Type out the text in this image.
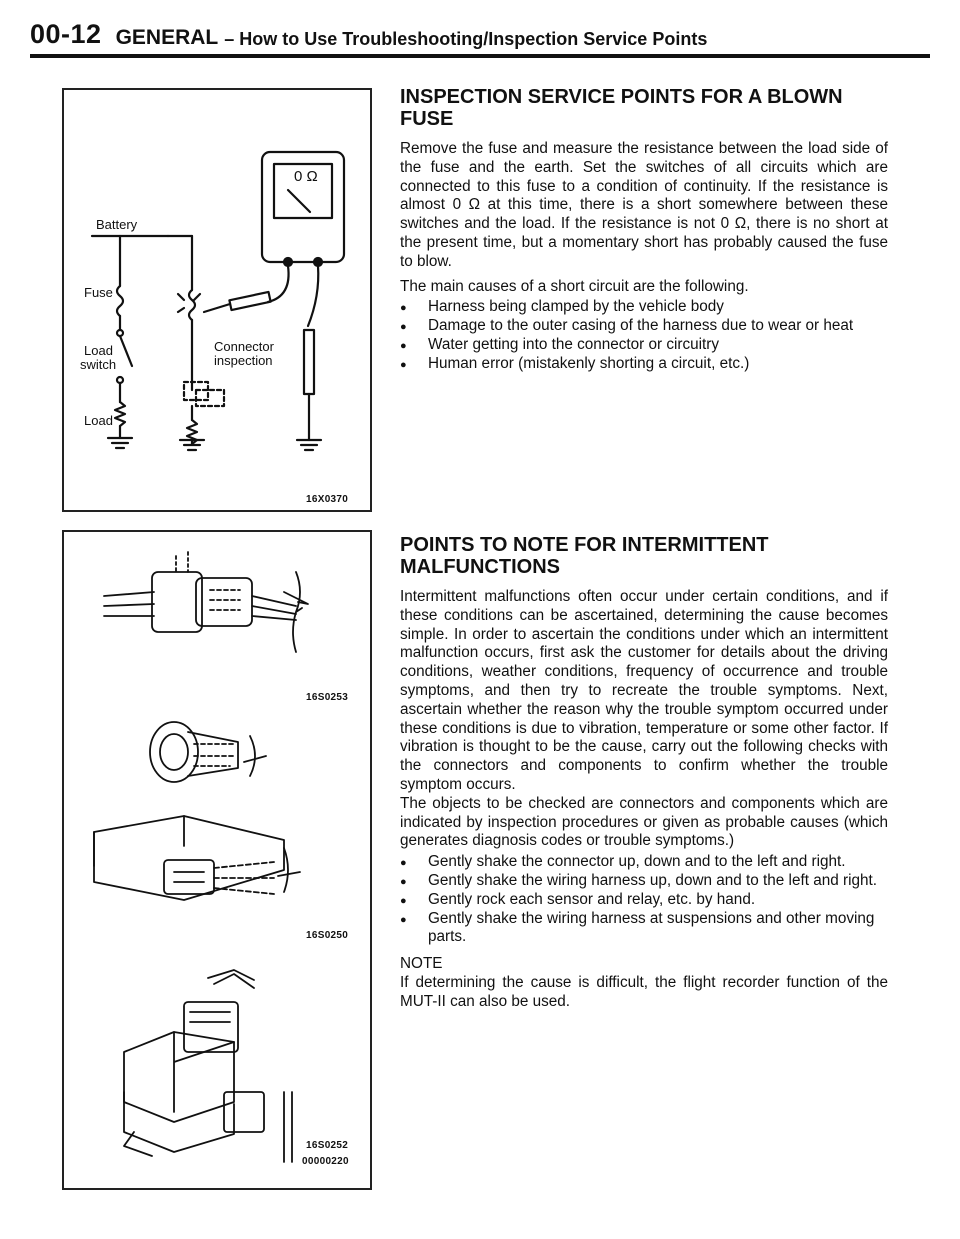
00-12 GENERAL – How to Use Troubleshooting/Inspection Service Points
Battery
Fuse
Load
switch
Load
Connector
inspection
0 Ω
16X0370
16S0253
16S0250
16S0252
00000220
INSPECTION SERVICE POINTS FOR A BLOWN
FUSE

Remove the fuse and measure the resistance between the load side of the fuse and the earth. Set the switches of all circuits which are connected to this fuse to a condition of continuity. If the resistance is almost 0 Ω at this time, there is a short somewhere between these switches and the load. If the resistance is not 0 Ω, there is no short at the present time, but a momentary short has probably caused the fuse to blow.

The main causes of a short circuit are the following.

● Harness being clamped by the vehicle body
● Damage to the outer casing of the harness due to wear or heat
● Water getting into the connector or circuitry
● Human error (mistakenly shorting a circuit, etc.)
POINTS TO NOTE FOR INTERMITTENT
MALFUNCTIONS

Intermittent malfunctions often occur under certain conditions, and if these conditions can be ascertained, determining the cause becomes simple. In order to ascertain the conditions under which an intermittent malfunction occurs, first ask the customer for details about the driving conditions, weather conditions, frequency of occurrence and trouble symptoms, and then try to recreate the trouble symptoms. Next, ascertain whether the reason why the trouble symptom occurred under these conditions is due to vibration, temperature or some other factor. If vibration is thought to be the cause, carry out the following checks with the connectors and components to confirm whether the trouble symptom occurs.

The objects to be checked are connectors and components which are indicated by inspection procedures or given as probable causes (which generates diagnosis codes or trouble symptoms.)

● Gently shake the connector up, down and to the left and right.
● Gently shake the wiring harness up, down and to the left and right.
● Gently rock each sensor and relay, etc. by hand.
● Gently shake the wiring harness at suspensions and other moving parts.
NOTE

If determining the cause is difficult, the flight recorder function of the MUT-II can also be used.
